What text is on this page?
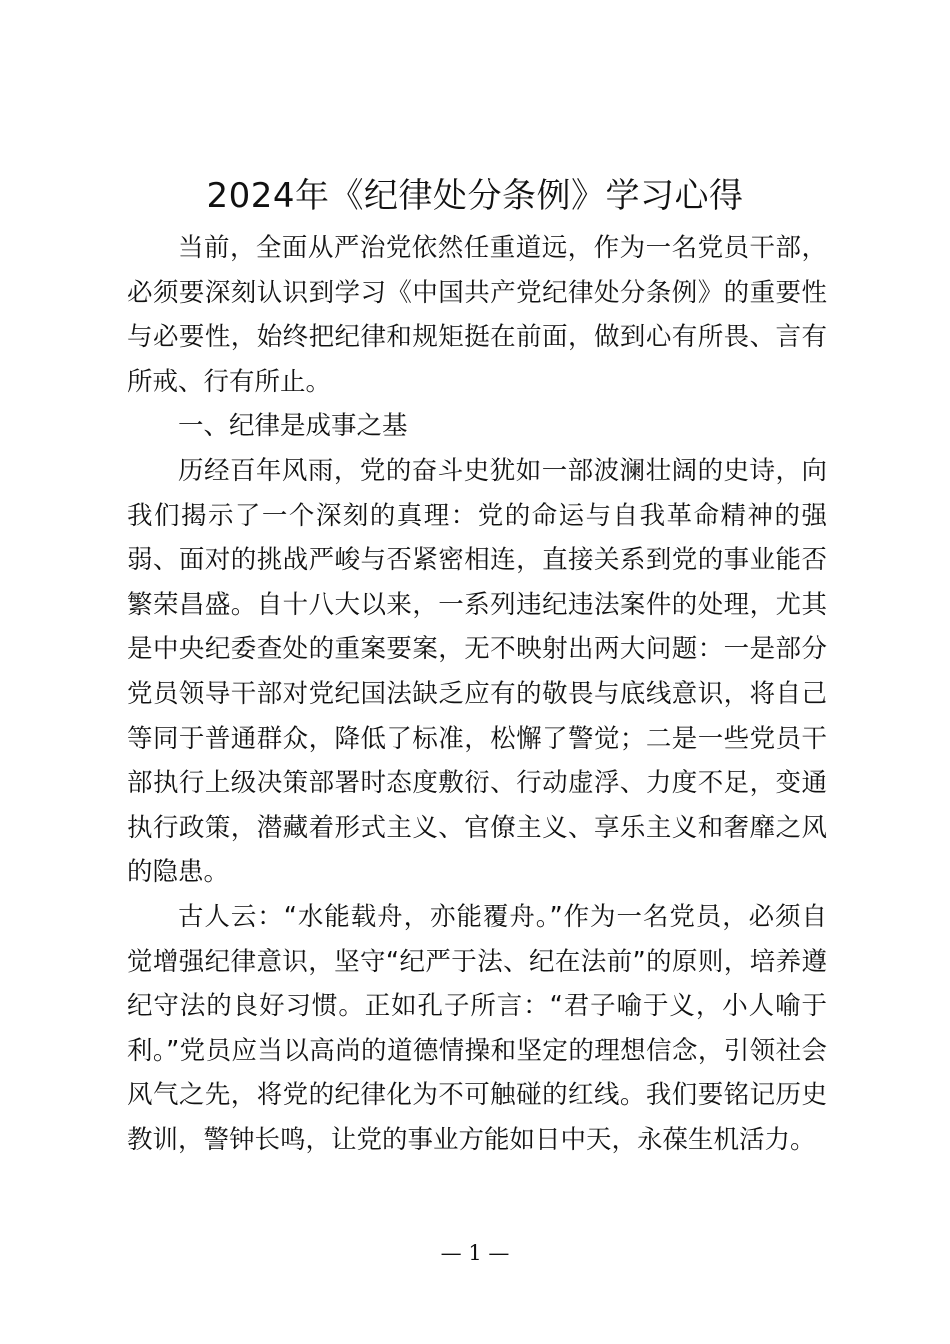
2024年《纪律处分条例》学习心得
当前，全面从严治党依然任重道远，作为一名党员干部，
必须要深刻认识到学习《中国共产党纪律处分条例》的重要性
与必要性，始终把纪律和规矩挺在前面，做到心有所畏、言有
所戒、行有所止。
一、纪律是成事之基
历经百年风雨，党的奋斗史犹如一部波澜壮阔的史诗，向
我们揭示了一个深刻的真理：党的命运与自我革命精神的强
弱、面对的挑战严峻与否紧密相连，直接关系到党的事业能否
繁荣昌盛。自十八大以来，一系列违纪违法案件的处理，尤其
是中央纪委查处的重案要案，无不映射出两大问题：一是部分
党员领导干部对党纪国法缺乏应有的敬畏与底线意识，将自己
等同于普通群众，降低了标准，松懈了警觉；二是一些党员干
部执行上级决策部署时态度敷衍、行动虚浮、力度不足，变通
执行政策，潜藏着形式主义、官僚主义、享乐主义和奢靡之风
的隐患。
古人云：“水能载舟，亦能覆舟。”作为一名党员，必须自
觉增强纪律意识，坚守“纪严于法、纪在法前”的原则，培养遵
纪守法的良好习惯。正如孔子所言：“君子喻于义，小人喻于
利。”党员应当以高尚的道德情操和坚定的理想信念，引领社会
风气之先，将党的纪律化为不可触碰的红线。我们要铭记历史
教训，警钟长鸣，让党的事业方能如日中天，永葆生机活力。
— 1 —
